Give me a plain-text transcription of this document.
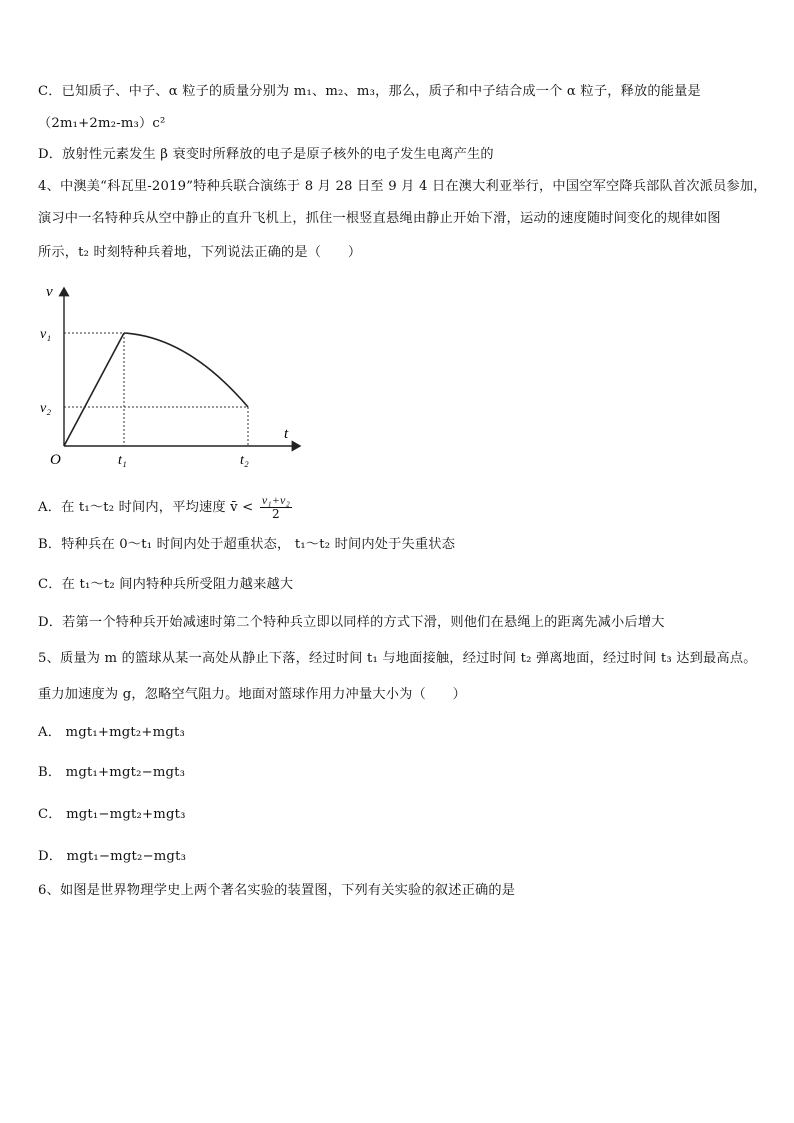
C．已知质子、中子、α 粒子的质量分别为 m₁、m₂、m₃，那么，质子和中子结合成一个 α 粒子，释放的能量是
（2m₁+2m₂-m₃）c²
D．放射性元素发生 β 衰变时所释放的电子是原子核外的电子发生电离产生的
4、中澳美“科瓦里-2019”特种兵联合演练于 8 月 28 日至 9 月 4 日在澳大利亚举行，中国空军空降兵部队首次派员参加，
演习中一名特种兵从空中静止的直升飞机上，抓住一根竖直悬绳由静止开始下滑，运动的速度随时间变化的规律如图
所示，t₂ 时刻特种兵着地，下列说法正确的是（　　）
v
t
O
v₁
v₂
t₁	t₂
A．在 t₁～t₂ 时间内，平均速度 v̄ < $\frac{\text{v₁+v₂}}{2}$
B．特种兵在 0～t₁ 时间内处于超重状态， t₁～t₂ 时间内处于失重状态
C．在 t₁～t₂ 间内特种兵所受阻力越来越大
D．若第一个特种兵开始减速时第二个特种兵立即以同样的方式下滑，则他们在悬绳上的距离先减小后增大
5、质量为 m 的篮球从某一高处从静止下落，经过时间 t₁ 与地面接触，经过时间 t₂ 弹离地面，经过时间 t₃ 达到最高点。
重力加速度为 g，忽略空气阻力。地面对篮球作用力冲量大小为（　　）
A． mgt₁+mgt₂+mgt₃
B． mgt₁+mgt₂−mgt₃
C． mgt₁−mgt₂+mgt₃
D． mgt₁−mgt₂−mgt₃
6、如图是世界物理学史上两个著名实验的装置图，下列有关实验的叙述正确的是
